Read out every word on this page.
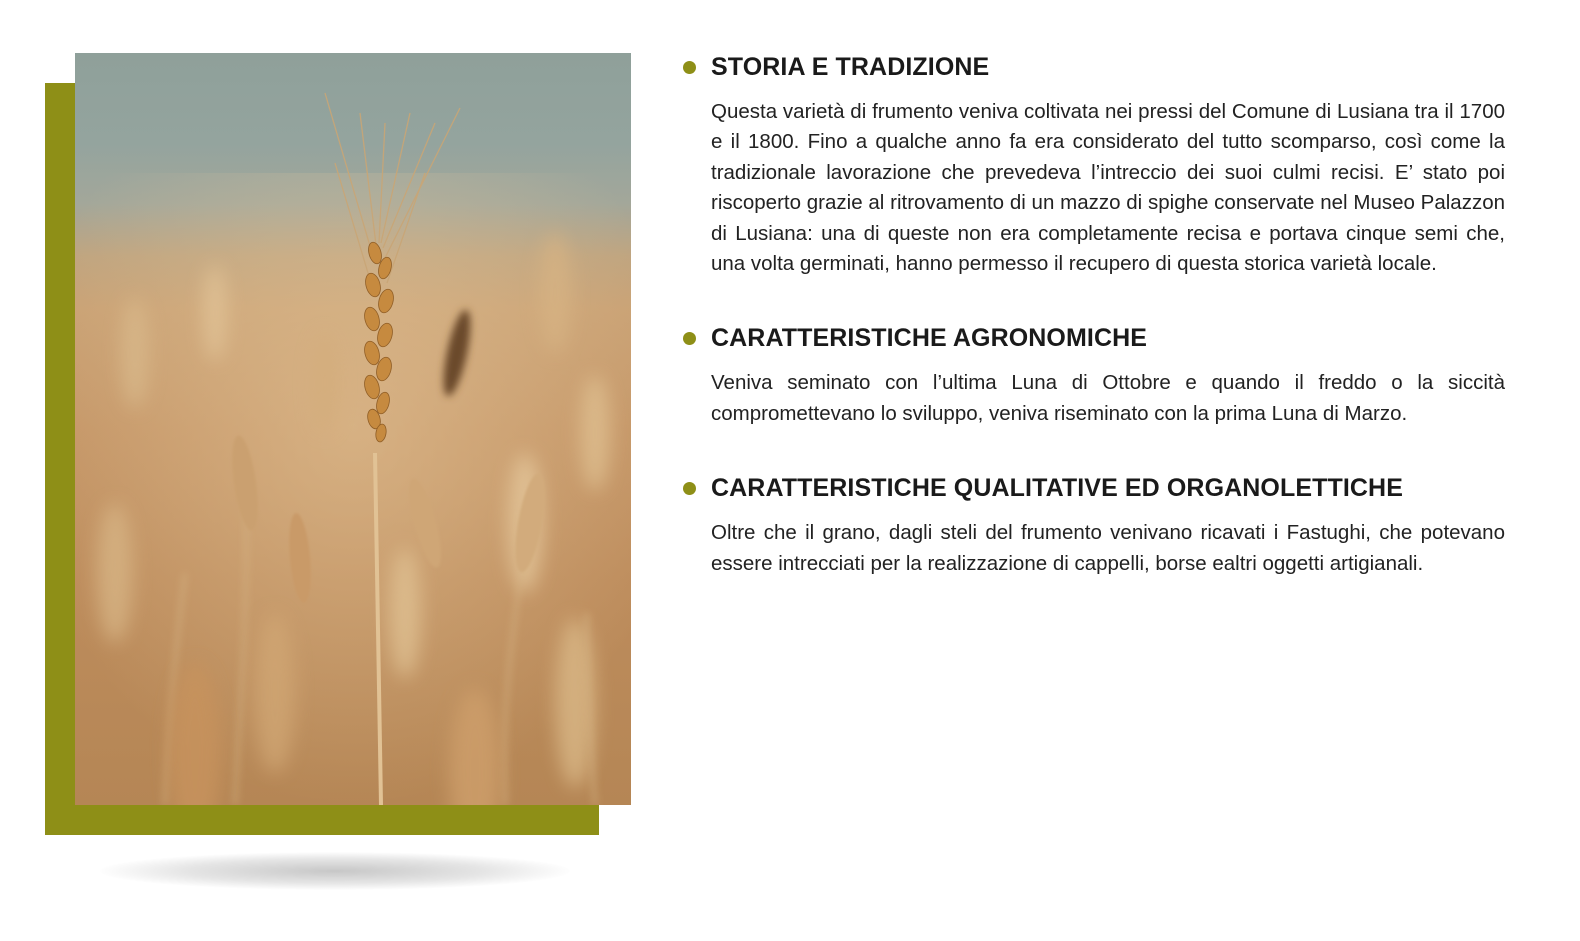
STORIA E TRADIZIONE

Questa varietà di frumento veniva coltivata nei pressi del Comune di Lusiana tra il 1700 e il 1800. Fino a qualche anno fa era considerato del tutto scomparso, così come la tradizionale lavorazione che prevedeva l’intreccio dei suoi culmi recisi. E’ stato poi riscoperto grazie al ritrovamento di un mazzo di spighe conservate nel Museo Palazzon di Lusiana: una di queste non era completamente recisa e portava cinque semi che, una volta germinati, hanno permesso il recupero di questa storica varietà locale.

CARATTERISTICHE AGRONOMICHE

Veniva seminato con l’ultima Luna di Ottobre e quando il freddo o la siccità compromettevano lo sviluppo, veniva riseminato con la prima Luna di Marzo.

CARATTERISTICHE QUALITATIVE ED ORGANOLETTICHE

Oltre che il grano, dagli steli del frumento venivano ricavati i Fastughi, che potevano essere intrecciati per la realizzazione di cappelli, borse ealtri oggetti artigianali.
